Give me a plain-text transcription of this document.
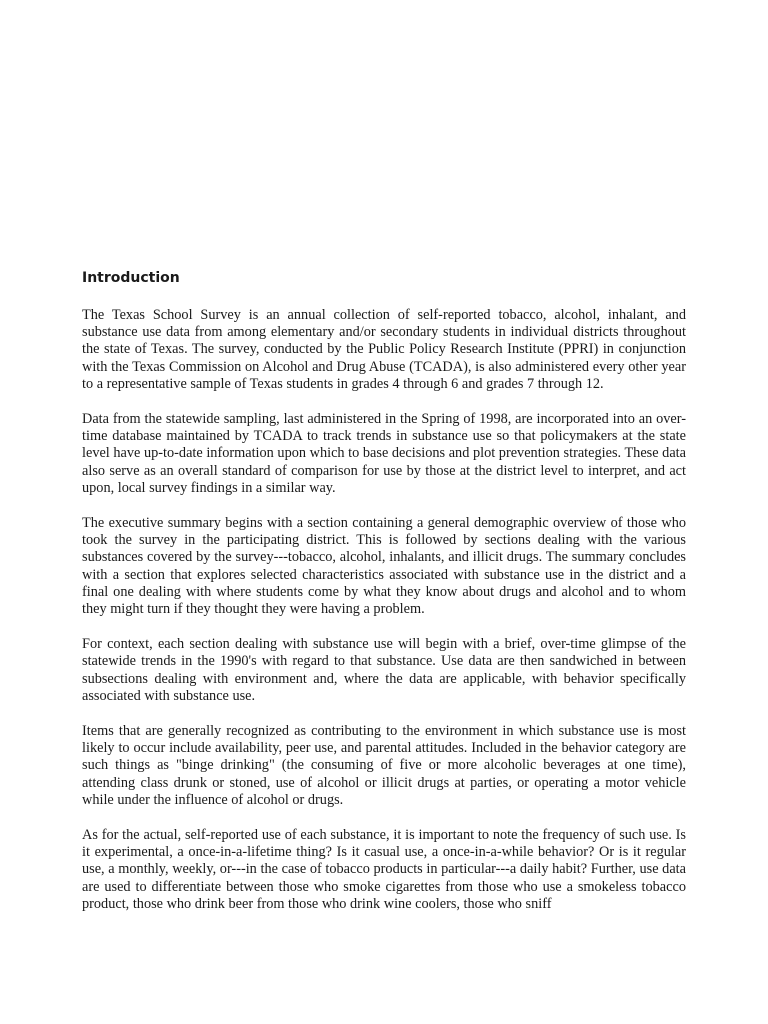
Introduction

The Texas School Survey is an annual collection of self-reported tobacco, alcohol, inhalant, and substance use data from among elementary and/or secondary students in individual districts throughout the state of Texas. The survey, conducted by the Public Policy Research Institute (PPRI) in conjunction with the Texas Commission on Alcohol and Drug Abuse (TCADA), is also administered every other year to a representative sample of Texas students in grades 4 through 6 and grades 7 through 12.

Data from the statewide sampling, last administered in the Spring of 1998, are incorporated into an over-time database maintained by TCADA to track trends in substance use so that policymakers at the state level have up-to-date information upon which to base decisions and plot prevention strategies. These data also serve as an overall standard of comparison for use by those at the district level to interpret, and act upon, local survey findings in a similar way.

The executive summary begins with a section containing a general demographic overview of those who took the survey in the participating district. This is followed by sections dealing with the various substances covered by the survey---tobacco, alcohol, inhalants, and illicit drugs. The summary concludes with a section that explores selected characteristics associated with substance use in the district and a final one dealing with where students come by what they know about drugs and alcohol and to whom they might turn if they thought they were having a problem.

For context, each section dealing with substance use will begin with a brief, over-time glimpse of the statewide trends in the 1990's with regard to that substance. Use data are then sandwiched in between subsections dealing with environment and, where the data are applicable, with behavior specifically associated with substance use.

Items that are generally recognized as contributing to the environment in which substance use is most likely to occur include availability, peer use, and parental attitudes. Included in the behavior category are such things as "binge drinking" (the consuming of five or more alcoholic beverages at one time), attending class drunk or stoned, use of alcohol or illicit drugs at parties, or operating a motor vehicle while under the influence of alcohol or drugs.

As for the actual, self-reported use of each substance, it is important to note the frequency of such use. Is it experimental, a once-in-a-lifetime thing? Is it casual use, a once-in-a-while behavior? Or is it regular use, a monthly, weekly, or---in the case of tobacco products in particular---a daily habit? Further, use data are used to differentiate between those who smoke cigarettes from those who use a smokeless tobacco product, those who drink beer from those who drink wine coolers, those who sniff
